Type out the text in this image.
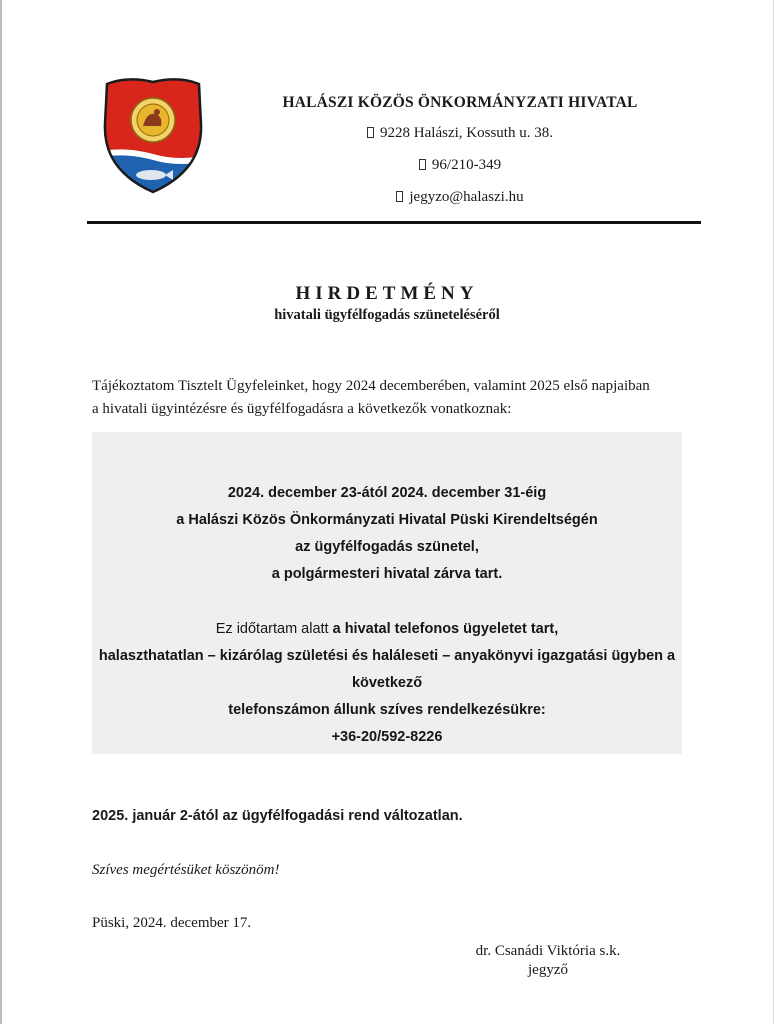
HALÁSZI KÖZÖS ÖNKORMÁNYZATI HIVATAL
9228 Halászi, Kossuth u. 38.
96/210-349
jegyzo@halaszi.hu
HIRDETMÉNY
hivatali ügyfélfogadás szüneteléséről
Tájékoztatom Tisztelt Ügyfeleinket, hogy 2024 decemberében, valamint 2025 első napjaiban
a hivatali ügyintézésre és ügyfélfogadásra a következők vonatkoznak:
2024. december 23-ától 2024. december 31-éig
a Halászi Közös Önkormányzati Hivatal Püski Kirendeltségén
az ügyfélfogadás szünetel,
a polgármesteri hivatal zárva tart.
Ez időtartam alatt a hivatal telefonos ügyeletet tart,
halaszthatatlan – kizárólag születési és haláleseti – anyakönyvi igazgatási ügyben a következő
telefonszámon állunk szíves rendelkezésükre:
+36-20/592-8226
2025. január 2-ától az ügyfélfogadási rend változatlan.
Szíves megértésüket köszönöm!
Püski, 2024. december 17.
dr. Csanádi Viktória s.k.
jegyző
